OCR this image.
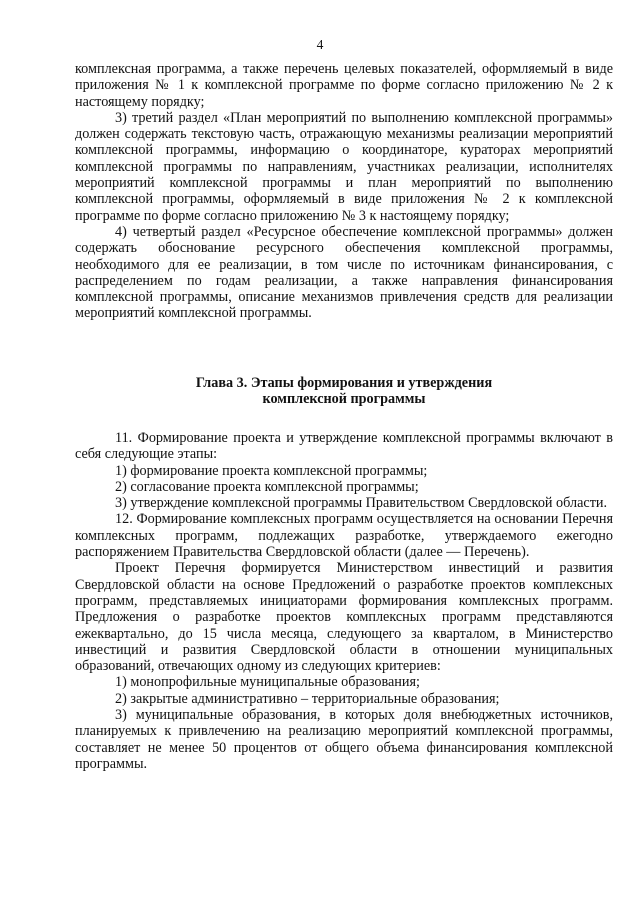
4

комплексная программа, а также перечень целевых показателей, оформляемый в виде приложения № 1 к комплексной программе по форме согласно приложению № 2 к настоящему порядку;

3) третий раздел «План мероприятий по выполнению комплексной программы» должен содержать текстовую часть, отражающую механизмы реализации мероприятий комплексной программы, информацию о координаторе, кураторах мероприятий комплексной программы по направлениям, участниках реализации, исполнителях мероприятий комплексной программы и план мероприятий по выполнению комплексной программы, оформляемый в виде приложения № 2 к комплексной программе по форме согласно приложению № 3 к настоящему порядку;

4) четвертый раздел «Ресурсное обеспечение комплексной программы» должен содержать обоснование ресурсного обеспечения комплексной программы, необходимого для ее реализации, в том числе по источникам финансирования, с распределением по годам реализации, а также направления финансирования комплексной программы, описание механизмов привлечения средств для реализации мероприятий комплексной программы.

Глава 3. Этапы формирования и утверждения
комплексной программы

11. Формирование проекта и утверждение комплексной программы включают в себя следующие этапы:

1) формирование проекта комплексной программы;

2) согласование проекта комплексной программы;

3) утверждение комплексной программы Правительством Свердловской области.

12. Формирование комплексных программ осуществляется на основании Перечня комплексных программ, подлежащих разработке, утверждаемого ежегодно распоряжением Правительства Свердловской области (далее — Перечень).

Проект Перечня формируется Министерством инвестиций и развития Свердловской области на основе Предложений о разработке проектов комплексных программ, представляемых инициаторами формирования комплексных программ. Предложения о разработке проектов комплексных программ представляются ежеквартально, до 15 числа месяца, следующего за кварталом, в Министерство инвестиций и развития Свердловской области в отношении муниципальных образований, отвечающих одному из следующих критериев:

1) монопрофильные муниципальные образования;

2) закрытые административно – территориальные образования;

3) муниципальные образования, в которых доля внебюджетных источников, планируемых к привлечению на реализацию мероприятий комплексной программы, составляет не менее 50 процентов от общего объема финансирования комплексной программы.
